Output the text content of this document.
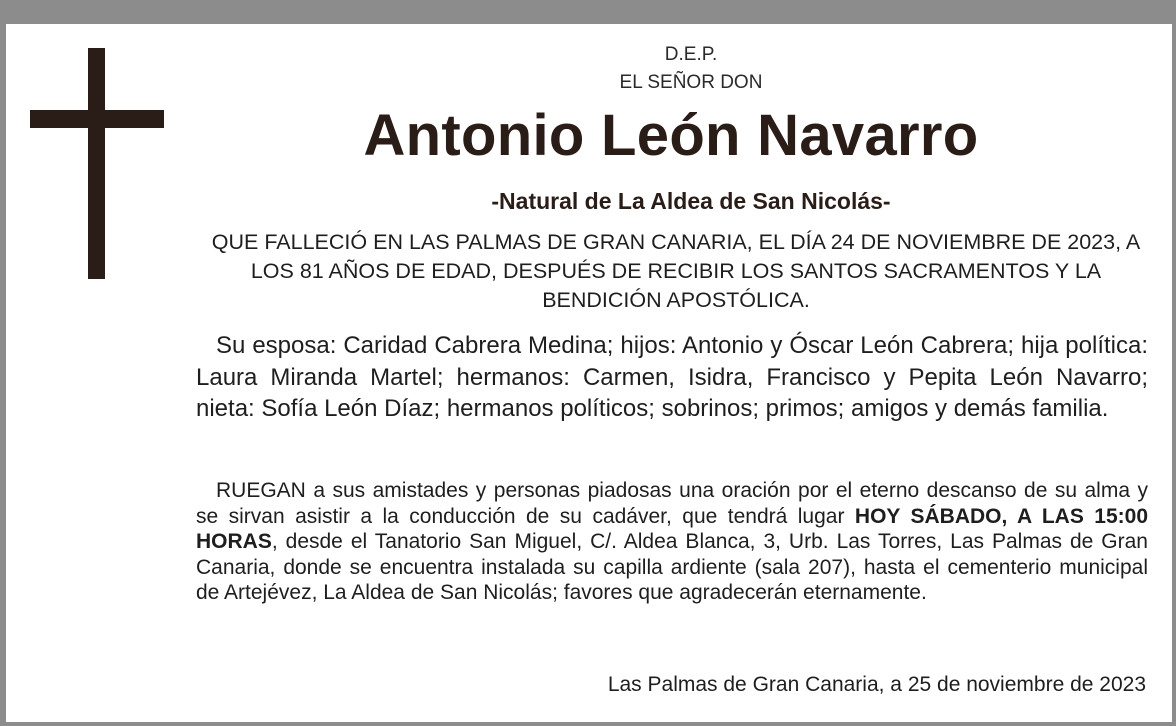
D.E.P.
EL SEÑOR DON
Antonio León Navarro
-Natural de La Aldea de San Nicolás-
QUE FALLECIÓ EN LAS PALMAS DE GRAN CANARIA, EL DÍA 24 DE NOVIEMBRE DE 2023, A LOS 81 AÑOS DE EDAD, DESPUÉS DE RECIBIR LOS SANTOS SACRAMENTOS Y LA BENDICIÓN APOSTÓLICA.
Su esposa: Caridad Cabrera Medina; hijos: Antonio y Óscar León Cabrera; hija política: Laura Miranda Martel; hermanos: Carmen, Isidra, Francisco y Pepita León Navarro; nieta: Sofía León Díaz; hermanos políticos; sobrinos; primos; amigos y demás familia.
RUEGAN a sus amistades y personas piadosas una oración por el eterno descanso de su alma y se sirvan asistir a la conducción de su cadáver, que tendrá lugar HOY SÁBADO, A LAS 15:00 HORAS, desde el Tanatorio San Miguel, C/. Aldea Blanca, 3, Urb. Las Torres, Las Palmas de Gran Canaria, donde se encuentra instalada su capilla ardiente (sala 207), hasta el cementerio municipal de Artejévez, La Aldea de San Nicolás; favores que agradecerán eternamente.
Las Palmas de Gran Canaria, a 25 de noviembre de 2023
